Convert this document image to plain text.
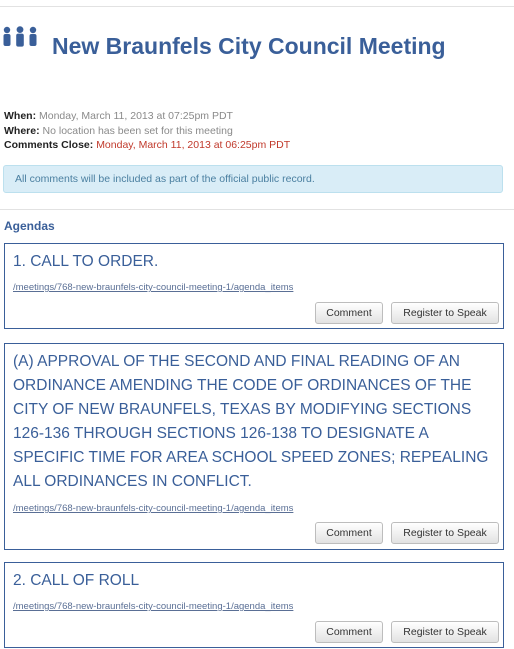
New Braunfels City Council Meeting
When: Monday, March 11, 2013 at 07:25pm PDT
Where: No location has been set for this meeting
Comments Close: Monday, March 11, 2013 at 06:25pm PDT
All comments will be included as part of the official public record.
Agendas
1. CALL TO ORDER.
/meetings/768-new-braunfels-city-council-meeting-1/agenda_items
Comment	Register to Speak
(A) APPROVAL OF THE SECOND AND FINAL READING OF AN ORDINANCE AMENDING THE CODE OF ORDINANCES OF THE CITY OF NEW BRAUNFELS, TEXAS BY MODIFYING SECTIONS 126-136 THROUGH SECTIONS 126-138 TO DESIGNATE A SPECIFIC TIME FOR AREA SCHOOL SPEED ZONES; REPEALING ALL ORDINANCES IN CONFLICT.
/meetings/768-new-braunfels-city-council-meeting-1/agenda_items
Comment	Register to Speak
2. CALL OF ROLL
/meetings/768-new-braunfels-city-council-meeting-1/agenda_items
Comment	Register to Speak
